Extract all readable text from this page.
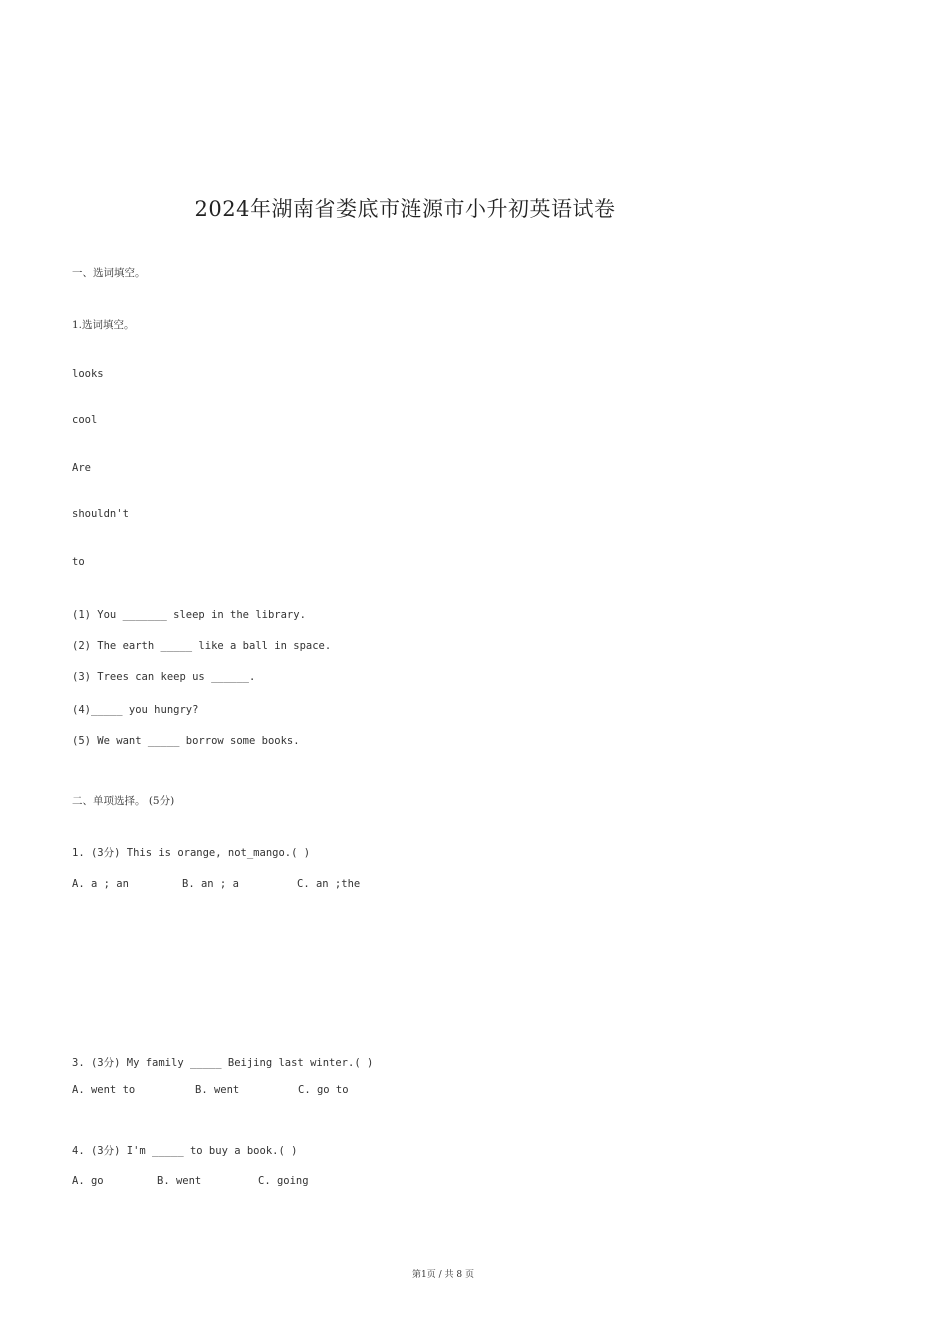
2024年湖南省娄底市涟源市小升初英语试卷
一、选词填空。
1.选词填空。
looks
cool
Are
shouldn't
to
(1) You _______ sleep in the library.
(2) The earth _____ like a ball in space.
(3) Trees can keep us ______.
(4)_____ you hungry?
(5) We want _____ borrow some books.
二、单项选择。 (5分)
1. (3分) This is orange, not_mango.( )
A. a ; an	B. an ; a	C. an ;the
3. (3分) My family _____ Beijing last winter.( )
A. went to	B. went	C. go to
4. (3分) I'm _____ to buy a book.( )
A. go	B. went	C. going
第1页 / 共 8 页
